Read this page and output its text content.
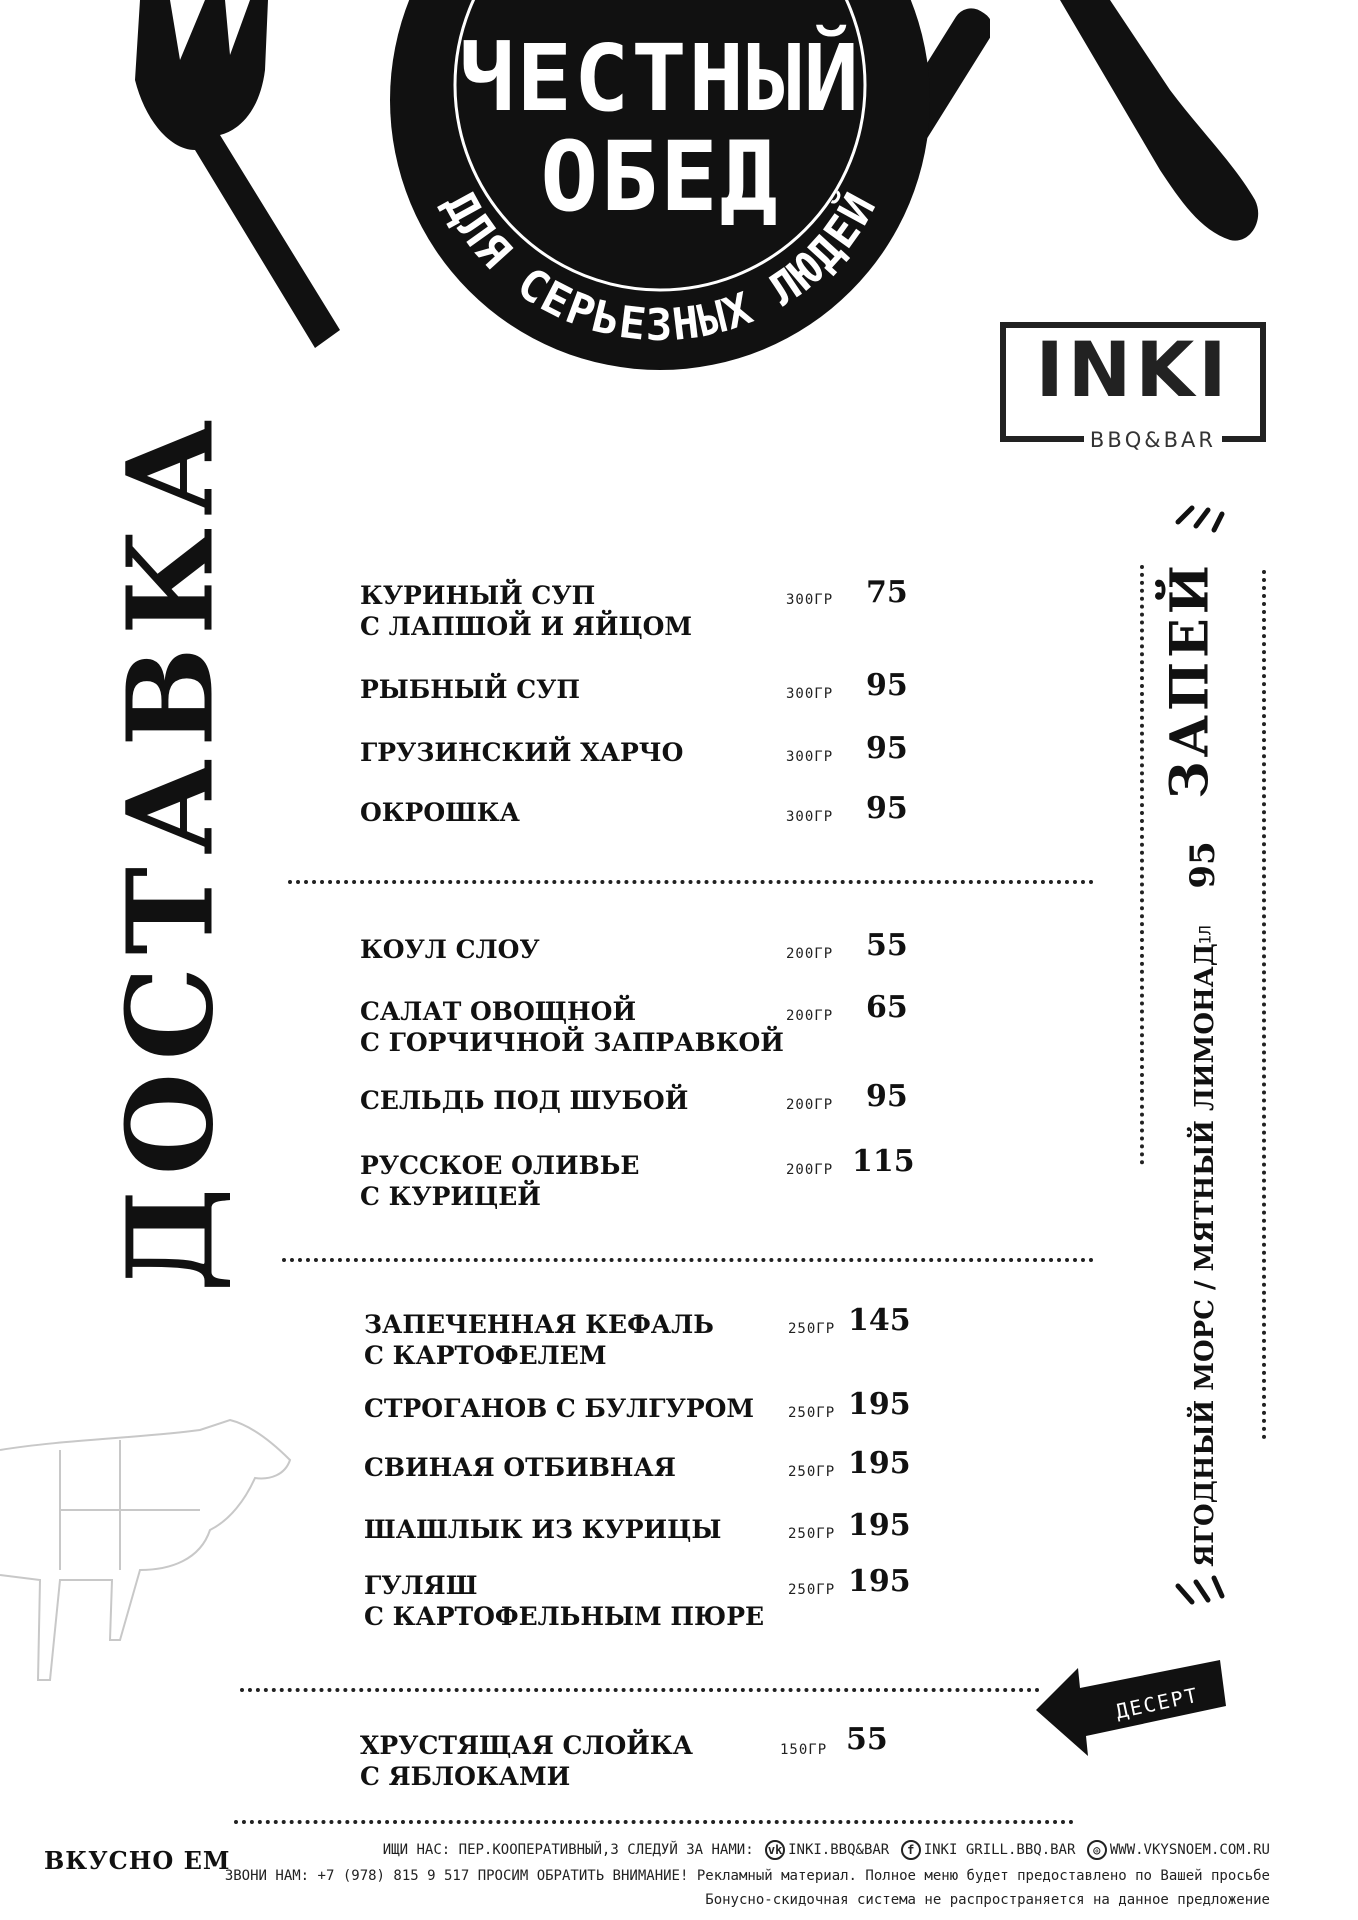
ЧЕСТНЫЙ
ОБЕД
ДЛЯ СЕРЬЕЗНЫХ ЛЮДЕЙ
INKI
BBQ&BAR
ДОСТАВКА	КУРИНЫЙ СУП
С ЛАПШОЙ И ЯЙЦОМ
300ГР 75
РЫБНЫЙ СУП	300ГР 95
ГРУЗИНСКИЙ ХАРЧО	300ГР 95
ОКРОШКА	300ГР 95
КОУЛ СЛОУ	200ГР 55
САЛАТ ОВОЩНОЙ
С ГОРЧИЧНОЙ ЗАПРАВКОЙ
200ГР 65
СЕЛЬДЬ ПОД ШУБОЙ	200ГР 95
РУССКОЕ ОЛИВЬЕ
С КУРИЦЕЙ
200ГР 115
ЗАПЕЧЕННАЯ КЕФАЛЬ
С КАРТОФЕЛЕМ
250ГР 145
СТРОГАНОВ С БУЛГУРОМ 250ГР 195
СВИНАЯ ОТБИВНАЯ	250ГР 195
ШАШЛЫК ИЗ КУРИЦЫ	250ГР 195
ГУЛЯШ
С КАРТОФЕЛЬНЫМ ПЮРЕ
250ГР 195
ДЕСЕРТ
ХРУСТЯЩАЯ СЛОЙКА
С ЯБЛОКАМИ
150ГР 55
ЗАПЕЙ
95
1Л
ЯГОДНЫЙ МОРС / МЯТНЫЙ ЛИМОНАД
ВКУСНО ЕМ	ИЩИ НАС: ПЕР.КООПЕРАТИВНЫЙ,3 СЛЕДУЙ ЗА НАМИ: vk INKI.BBQ&BAR f INKI GRILL.BBQ.BAR ◎ WWW.VKYSNOEM.COM.RU
ЗВОНИ НАМ: +7 (978) 815 9 517 ПРОСИМ ОБРАТИТЬ ВНИМАНИЕ! Рекламный материал. Полное меню будет предоставлено по Вашей просьбе
Бонусно-скидочная система не распространяется на данное предложение
